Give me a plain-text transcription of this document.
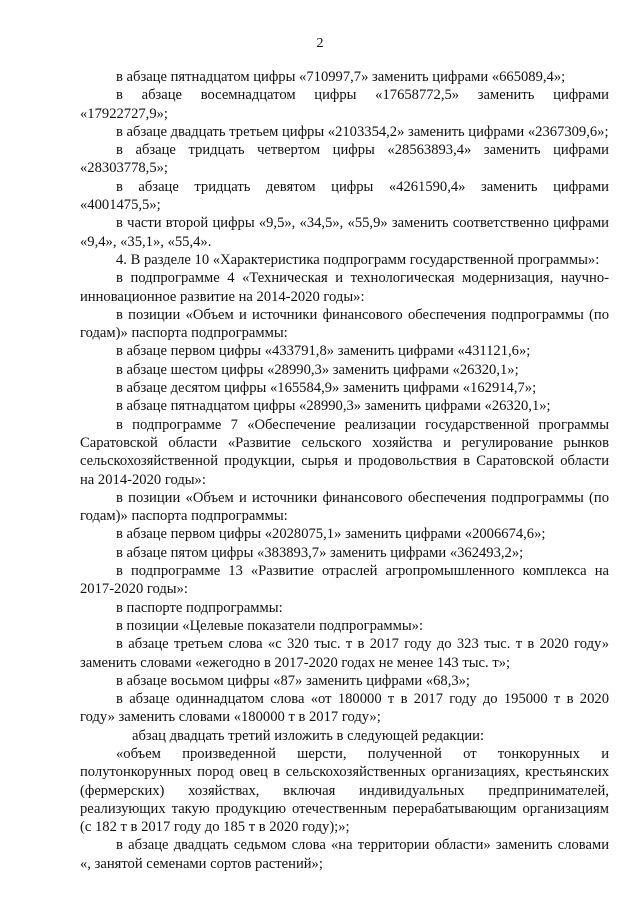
2
в абзаце пятнадцатом цифры «710997,7» заменить цифрами «665089,4»;
в абзаце восемнадцатом цифры «17658772,5» заменить цифрами «17922727,9»;
в абзаце двадцать третьем цифры «2103354,2» заменить цифрами «2367309,6»;
в абзаце тридцать четвертом цифры «28563893,4» заменить цифрами «28303778,5»;
в абзаце тридцать девятом цифры «4261590,4» заменить цифрами «4001475,5»;
в части второй цифры «9,5», «34,5», «55,9» заменить соответственно цифрами «9,4», «35,1», «55,4».
4. В разделе 10 «Характеристика подпрограмм государственной программы»:
в подпрограмме 4 «Техническая и технологическая модернизация, научно-инновационное развитие на 2014-2020 годы»:
в позиции «Объем и источники финансового обеспечения подпрограммы (по годам)» паспорта подпрограммы:
в абзаце первом цифры «433791,8» заменить цифрами «431121,6»;
в абзаце шестом цифры «28990,3» заменить цифрами «26320,1»;
в абзаце десятом цифры «165584,9» заменить цифрами «162914,7»;
в абзаце пятнадцатом цифры «28990,3» заменить цифрами «26320,1»;
в подпрограмме 7 «Обеспечение реализации государственной программы Саратовской области «Развитие сельского хозяйства и регулирование рынков сельскохозяйственной продукции, сырья и продовольствия в Саратовской области на 2014-2020 годы»:
в позиции «Объем и источники финансового обеспечения подпрограммы (по годам)» паспорта подпрограммы:
в абзаце первом цифры «2028075,1» заменить цифрами «2006674,6»;
в абзаце пятом цифры «383893,7» заменить цифрами «362493,2»;
в подпрограмме 13 «Развитие отраслей агропромышленного комплекса на 2017-2020 годы»:
в паспорте подпрограммы:
в позиции «Целевые показатели подпрограммы»:
в абзаце третьем слова «с 320 тыс. т в 2017 году до 323 тыс. т в 2020 году» заменить словами «ежегодно в 2017-2020 годах не менее 143 тыс. т»;
в абзаце восьмом цифры «87» заменить цифрами «68,3»;
в абзаце одиннадцатом слова «от 180000 т в 2017 году до 195000 т в 2020 году» заменить словами «180000 т в 2017 году»;
абзац двадцать третий изложить в следующей редакции:
«объем произведенной шерсти, полученной от тонкорунных и полутонкорунных пород овец в сельскохозяйственных организациях, крестьянских (фермерских) хозяйствах, включая индивидуальных предпринимателей, реализующих такую продукцию отечественным перерабатывающим организациям (с 182 т в 2017 году до 185 т в 2020 году);»;
в абзаце двадцать седьмом слова «на территории области» заменить словами «, занятой семенами сортов растений»;
